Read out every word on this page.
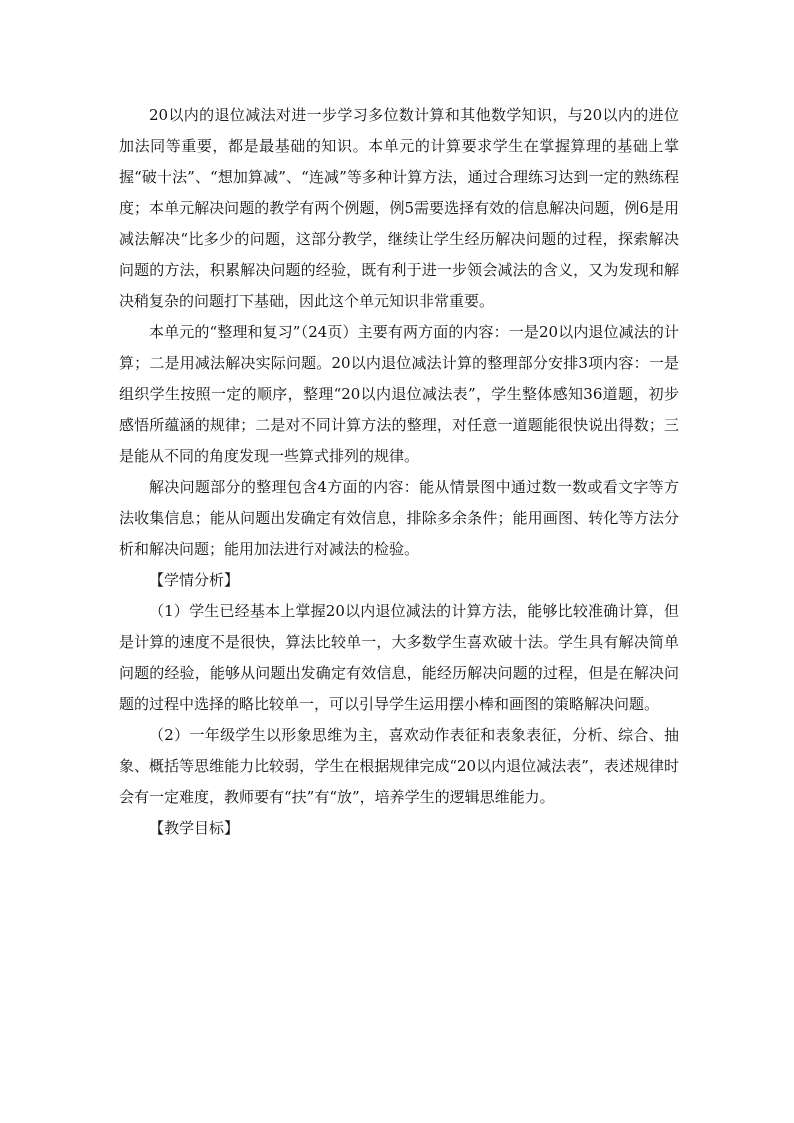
20以内的退位减法对进一步学习多位数计算和其他数学知识，与20以内的进位加法同等重要，都是最基础的知识。本单元的计算要求学生在掌握算理的基础上掌握“破十法”、“想加算减”、“连减”等多种计算方法，通过合理练习达到一定的熟练程度；本单元解决问题的教学有两个例题，例5需要选择有效的信息解决问题，例6是用减法解决“比多少的问题，这部分教学，继续让学生经历解决问题的过程，探索解决问题的方法，积累解决问题的经验，既有利于进一步领会减法的含义，又为发现和解决稍复杂的问题打下基础，因此这个单元知识非常重要。

本单元的“整理和复习”（24页）主要有两方面的内容：一是20以内退位减法的计算；二是用减法解决实际问题。20以内退位减法计算的整理部分安排3项内容：一是组织学生按照一定的顺序，整理“20以内退位减法表”，学生整体感知36道题，初步感悟所蕴涵的规律；二是对不同计算方法的整理，对任意一道题能很快说出得数；三是能从不同的角度发现一些算式排列的规律。

解决问题部分的整理包含4方面的内容：能从情景图中通过数一数或看文字等方法收集信息；能从问题出发确定有效信息，排除多余条件；能用画图、转化等方法分析和解决问题；能用加法进行对减法的检验。

【学情分析】

（1）学生已经基本上掌握20以内退位减法的计算方法，能够比较准确计算，但是计算的速度不是很快，算法比较单一，大多数学生喜欢破十法。学生具有解决简单问题的经验，能够从问题出发确定有效信息，能经历解决问题的过程，但是在解决问题的过程中选择的略比较单一，可以引导学生运用摆小棒和画图的策略解决问题。

（2）一年级学生以形象思维为主，喜欢动作表征和表象表征，分析、综合、抽象、概括等思维能力比较弱，学生在根据规律完成“20以内退位减法表”，表述规律时会有一定难度，教师要有“扶”有“放”，培养学生的逻辑思维能力。

【教学目标】
